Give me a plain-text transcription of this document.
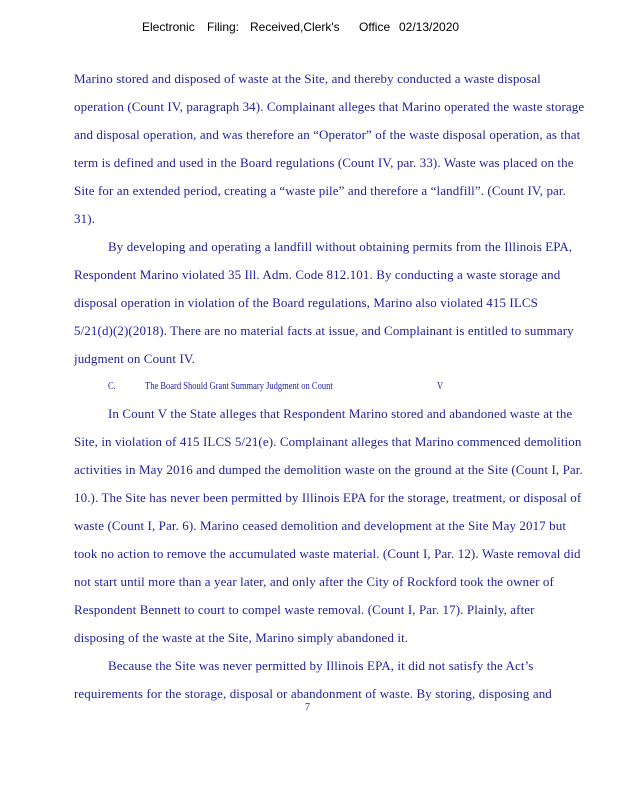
Electronic Filing: Received,Clerk's Office 02/13/2020
Marino stored and disposed of waste at the Site, and thereby conducted a waste disposal
operation (Count IV, paragraph 34). Complainant alleges that Marino operated the waste storage
and disposal operation, and was therefore an “Operator” of the waste disposal operation, as that
term is defined and used in the Board regulations (Count IV, par. 33). Waste was placed on the
Site for an extended period, creating a “waste pile” and therefore a “landfill”. (Count IV, par.
31).
By developing and operating a landfill without obtaining permits from the Illinois EPA,
Respondent Marino violated 35 Ill. Adm. Code 812.101. By conducting a waste storage and
disposal operation in violation of the Board regulations, Marino also violated 415 ILCS
5/21(d)(2)(2018). There are no material facts at issue, and Complainant is entitled to summary
judgment on Count IV.
C.	The Board Should Grant Summary Judgment on Count	V
In Count V the State alleges that Respondent Marino stored and abandoned waste at the
Site, in violation of 415 ILCS 5/21(e). Complainant alleges that Marino commenced demolition
activities in May 2016 and dumped the demolition waste on the ground at the Site (Count I, Par.
10.). The Site has never been permitted by Illinois EPA for the storage, treatment, or disposal of
waste (Count I, Par. 6). Marino ceased demolition and development at the Site May 2017 but
took no action to remove the accumulated waste material. (Count I, Par. 12). Waste removal did
not start until more than a year later, and only after the City of Rockford took the owner of
Respondent Bennett to court to compel waste removal. (Count I, Par. 17). Plainly, after
disposing of the waste at the Site, Marino simply abandoned it.
Because the Site was never permitted by Illinois EPA, it did not satisfy the Act’s
requirements for the storage, disposal or abandonment of waste. By storing, disposing and
7
